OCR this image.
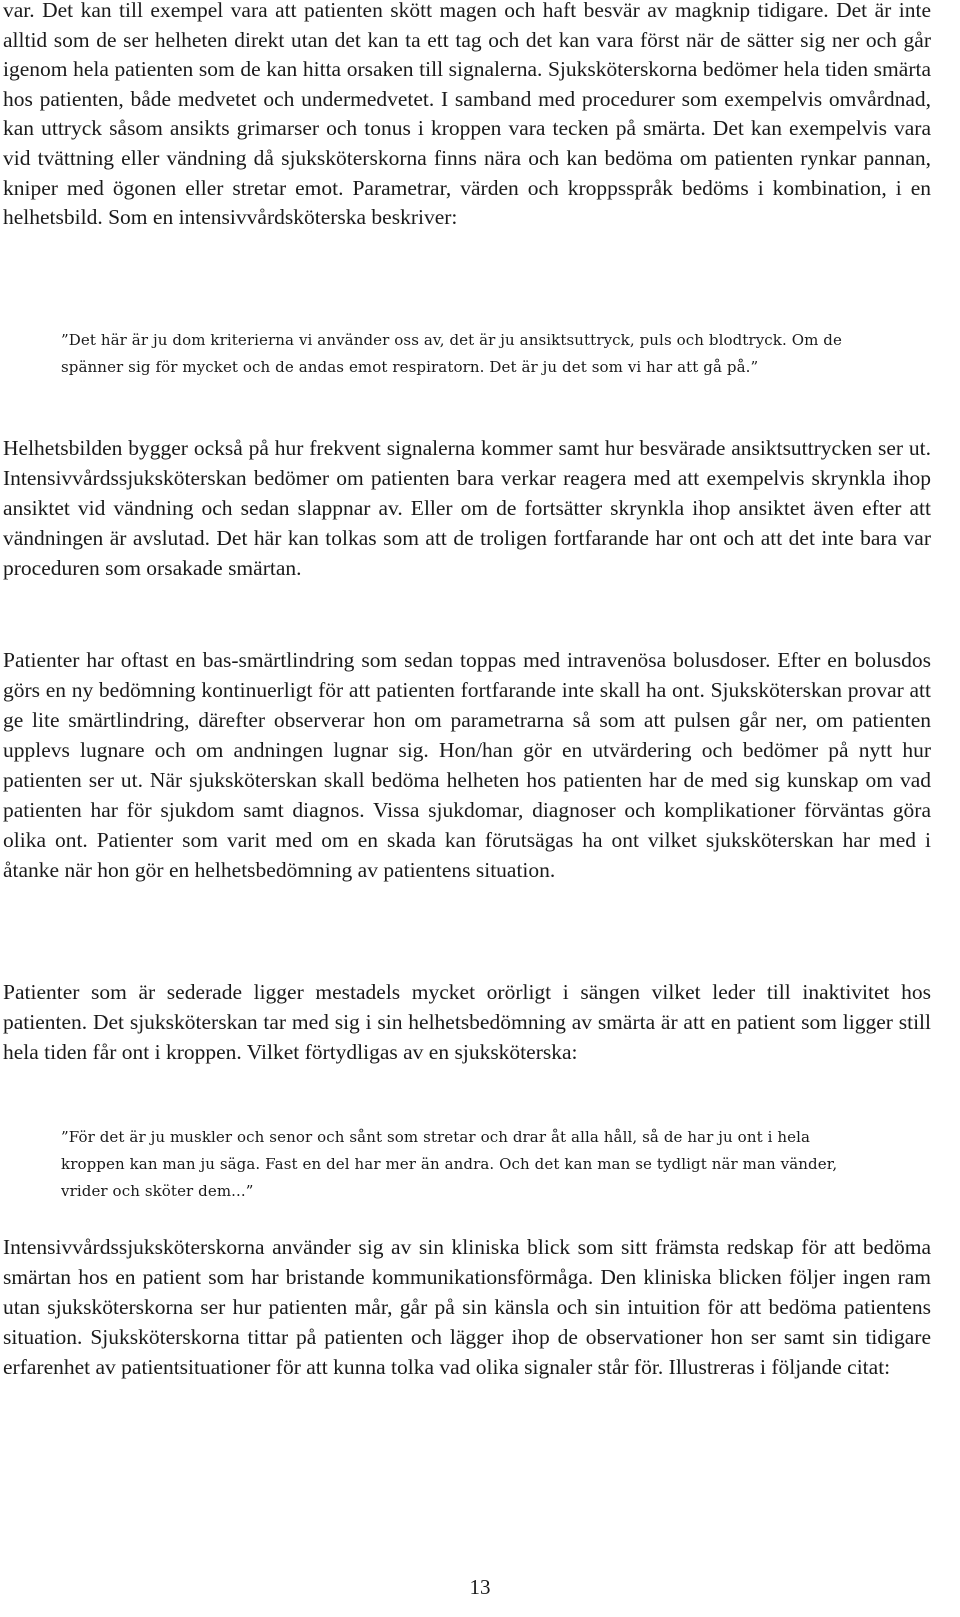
var. Det kan till exempel vara att patienten skött magen och haft besvär av magknip tidigare. Det är inte alltid som de ser helheten direkt utan det kan ta ett tag och det kan vara först när de sätter sig ner och går igenom hela patienten som de kan hitta orsaken till signalerna. Sjuksköterskorna bedömer hela tiden smärta hos patienten, både medvetet och undermedvetet. I samband med procedurer som exempelvis omvårdnad, kan uttryck såsom ansikts grimarser och tonus i kroppen vara tecken på smärta. Det kan exempelvis vara vid tvättning eller vändning då sjuksköterskorna finns nära och kan bedöma om patienten rynkar pannan, kniper med ögonen eller stretar emot. Parametrar, värden och kroppsspråk bedöms i kombination, i en helhetsbild. Som en intensivvårdsköterska beskriver:

”Det här är ju dom kriterierna vi använder oss av, det är ju ansiktsuttryck, puls och blodtryck. Om de spänner sig för mycket och de andas emot respiratorn. Det är ju det som vi har att gå på.”

Helhetsbilden bygger också på hur frekvent signalerna kommer samt hur besvärade ansiktsuttrycken ser ut. Intensivvårdssjuksköterskan bedömer om patienten bara verkar reagera med att exempelvis skrynkla ihop ansiktet vid vändning och sedan slappnar av. Eller om de fortsätter skrynkla ihop ansiktet även efter att vändningen är avslutad. Det här kan tolkas som att de troligen fortfarande har ont och att det inte bara var proceduren som orsakade smärtan.

Patienter har oftast en bas-smärtlindring som sedan toppas med intravenösa bolusdoser. Efter en bolusdos görs en ny bedömning kontinuerligt för att patienten fortfarande inte skall ha ont. Sjuksköterskan provar att ge lite smärtlindring, därefter observerar hon om parametrarna så som att pulsen går ner, om patienten upplevs lugnare och om andningen lugnar sig. Hon/han gör en utvärdering och bedömer på nytt hur patienten ser ut. När sjuksköterskan skall bedöma helheten hos patienten har de med sig kunskap om vad patienten har för sjukdom samt diagnos. Vissa sjukdomar, diagnoser och komplikationer förväntas göra olika ont. Patienter som varit med om en skada kan förutsägas ha ont vilket sjuksköterskan har med i åtanke när hon gör en helhetsbedömning av patientens situation.

Patienter som är sederade ligger mestadels mycket orörligt i sängen vilket leder till inaktivitet hos patienten. Det sjuksköterskan tar med sig i sin helhetsbedömning av smärta är att en patient som ligger still hela tiden får ont i kroppen. Vilket förtydligas av en sjuksköterska:

”För det är ju muskler och senor och sånt som stretar och drar åt alla håll, så de har ju ont i hela kroppen kan man ju säga. Fast en del har mer än andra. Och det kan man se tydligt när man vänder, vrider och sköter dem...”

Intensivvårdssjuksköterskorna använder sig av sin kliniska blick som sitt främsta redskap för att bedöma smärtan hos en patient som har bristande kommunikationsförmåga. Den kliniska blicken följer ingen ram utan sjuksköterskorna ser hur patienten mår, går på sin känsla och sin intuition för att bedöma patientens situation. Sjuksköterskorna tittar på patienten och lägger ihop de observationer hon ser samt sin tidigare erfarenhet av patientsituationer för att kunna tolka vad olika signaler står för. Illustreras i följande citat:

13
